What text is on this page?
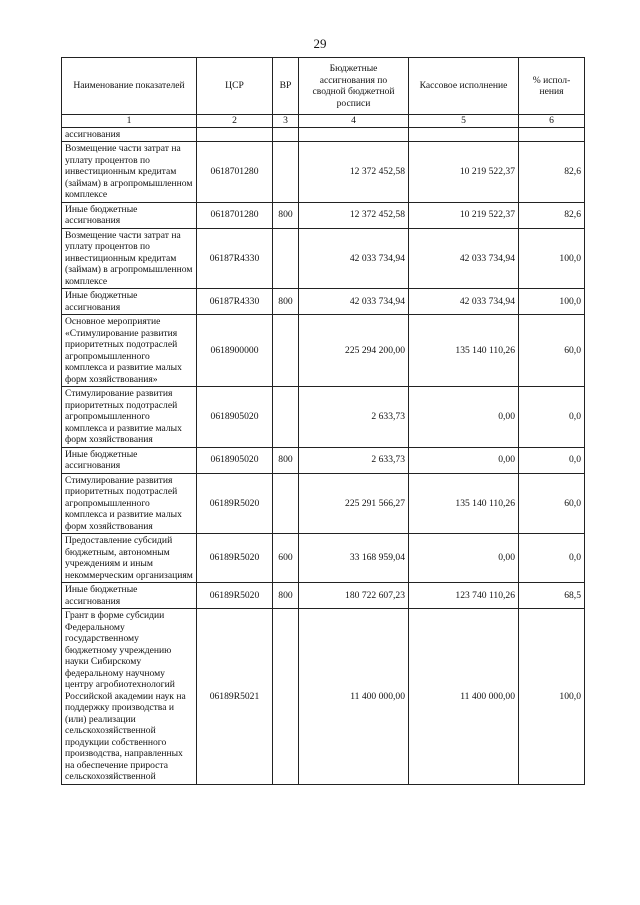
29
Наименование показателей	ЦСР	ВР	Бюджетные ассигнования по сводной бюджетной росписи	Кассовое исполнение	% испол-нения
1	2	3	4	5	6
ассигнования					
Возмещение части затрат на уплату процентов по инвестиционным кредитам (займам) в агропромышленном комплексе	0618701280		12 372 452,58	10 219 522,37	82,6
Иные бюджетные ассигнования	0618701280	800	12 372 452,58	10 219 522,37	82,6
Возмещение части затрат на уплату процентов по инвестиционным кредитам (займам) в агропромышленном комплексе	06187R4330		42 033 734,94	42 033 734,94	100,0
Иные бюджетные ассигнования	06187R4330	800	42 033 734,94	42 033 734,94	100,0
Основное мероприятие «Стимулирование развития приоритетных подотраслей агропромышленного комплекса и развитие малых форм хозяйствования»	0618900000		225 294 200,00	135 140 110,26	60,0
Стимулирование развития приоритетных подотраслей агропромышленного комплекса и развитие малых форм хозяйствования	0618905020		2 633,73	0,00	0,0
Иные бюджетные ассигнования	0618905020	800	2 633,73	0,00	0,0
Стимулирование развития приоритетных подотраслей агропромышленного комплекса и развитие малых форм хозяйствования	06189R5020		225 291 566,27	135 140 110,26	60,0
Предоставление субсидий бюджетным, автономным учреждениям и иным некоммерческим организациям	06189R5020	600	33 168 959,04	0,00	0,0
Иные бюджетные ассигнования	06189R5020	800	180 722 607,23	123 740 110,26	68,5
Грант в форме субсидии Федеральному государственному бюджетному учреждению науки Сибирскому федеральному научному центру агробиотехнологий Российской академии наук на поддержку производства и (или) реализации сельскохозяйственной продукции собственного производства, направленных на обеспечение прироста сельскохозяйственной	06189R5021		11 400 000,00	11 400 000,00	100,0
